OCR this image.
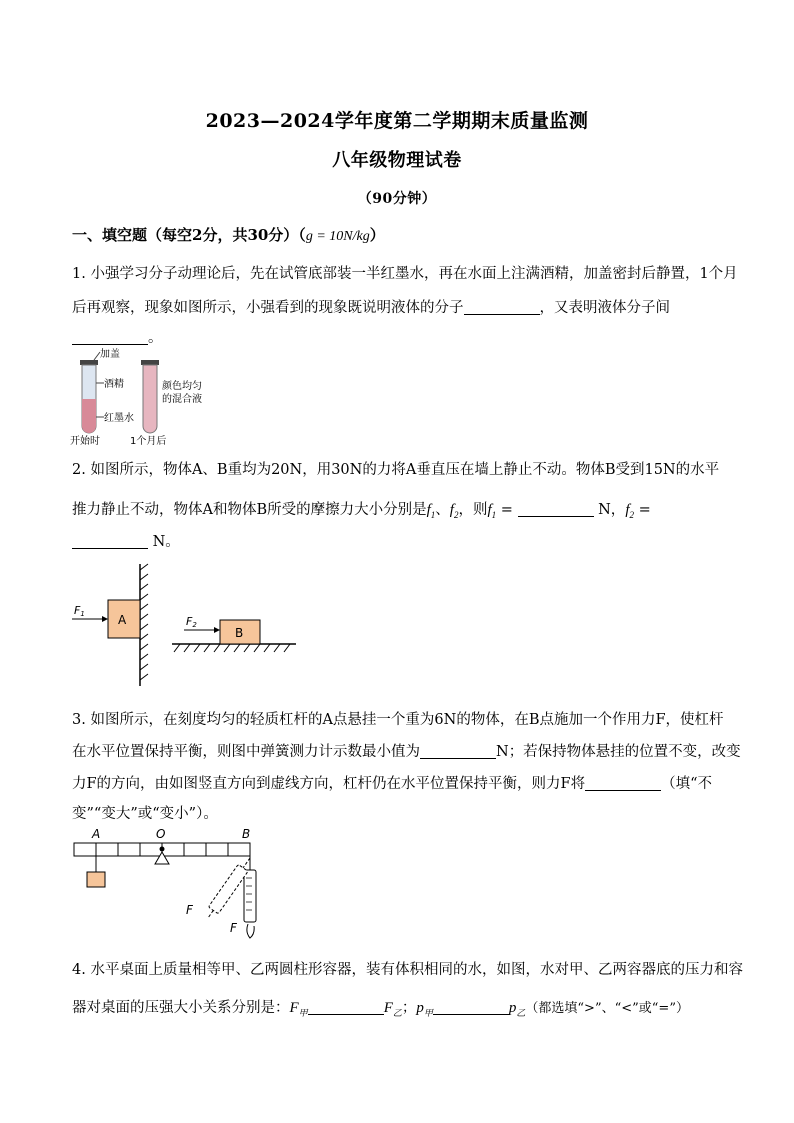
2023—2024学年度第二学期期末质量监测
八年级物理试卷
（90分钟）
一、填空题（每空2分，共30分）（g = 10N/kg）
1. 小强学习分子动理论后，先在试管底部装一半红墨水，再在水面上注满酒精，加盖密封后静置，1个月
后再观察，现象如图所示，小强看到的现象既说明液体的分子	，又表明液体分子间
。
加盖
酒精
红墨水
开始时
颜色均匀
的混合液
1个月后
2. 如图所示，物体A、B重均为20N，用30N的力将A垂直压在墙上静止不动。物体B受到15N的水平
推力静止不动，物体A和物体B所受的摩擦力大小分别是$f_1$、$f_2$，则$f_1$ =	N，$f_2$ =
N。
A
F1
B
F2
3. 如图所示，在刻度均匀的轻质杠杆的A点悬挂一个重为6N的物体，在B点施加一个作用力F，使杠杆
在水平位置保持平衡，则图中弹簧测力计示数最小值为	N；若保持物体悬挂的位置不变，改变
力F的方向，由如图竖直方向到虚线方向，杠杆仍在水平位置保持平衡，则力F将	（填“不
变”“变大”或“变小”）。
A	O	B
F
F
4. 水平桌面上质量相等甲、乙两圆柱形容器，装有体积相同的水，如图，水对甲、乙两容器底的压力和容
器对桌面的压强大小关系分别是：$F_甲$	$F_乙$；$p_甲$	$p_乙$（都选填“>”、“<”或“=”）
